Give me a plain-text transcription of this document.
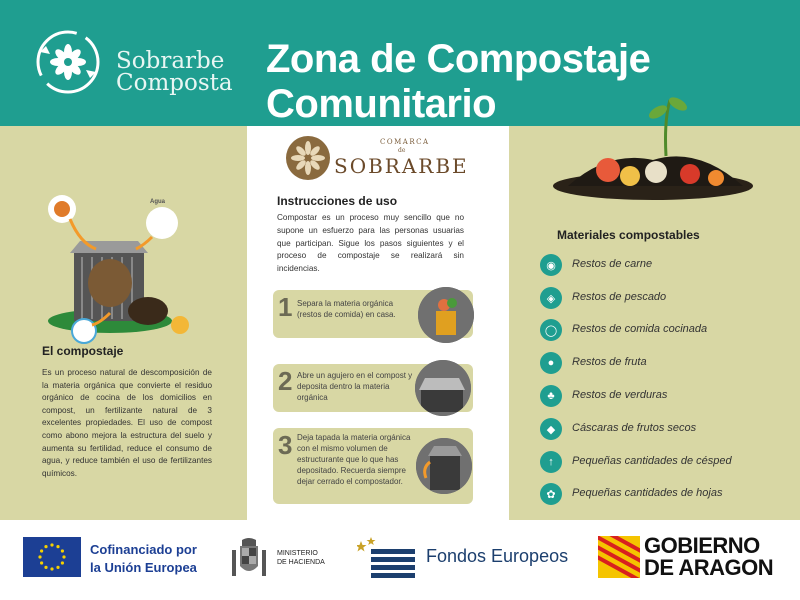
Sobrarbe
Composta
Zona de Compostaje Comunitario
Agua
El compostaje
Es un proceso natural de descomposición de la materia orgánica que convierte el residuo orgánico de cocina de los domicilios en compost, un fertilizante natural de 3 excelentes propiedades. El uso de compost como abono mejora la estructura del suelo y aumenta su fertilidad, reduce el consumo de agua, y reduce también el uso de fertilizantes químicos.
COMARCA
de
SOBRARBE
Instrucciones de uso
Compostar es un proceso muy sencillo que no supone un esfuerzo para las personas usuarias que participan. Sigue los pasos siguientes y el proceso de compostaje se realizará sin incidencias.
1 Separa la materia orgánica (restos de comida) en casa.
2 Abre un agujero en el compost y deposita dentro la materia orgánica
3 Deja tapada la materia orgánica con el mismo volumen de estructurante que lo que has depositado. Recuerda siempre dejar cerrado el compostador.
Materiales compostables
◉	Restos de carne
◈	Restos de pescado
◯	Restos de comida cocinada
●	Restos de fruta
♣	Restos de verduras
◆	Cáscaras de frutos secos
↑	Pequeñas cantidades de césped
✿	Pequeñas cantidades de hojas
Cofinanciado por
la Unión Europea
MINISTERIO
DE HACIENDA	Fondos Europeos	GOBIERNO
DE ARAGON
